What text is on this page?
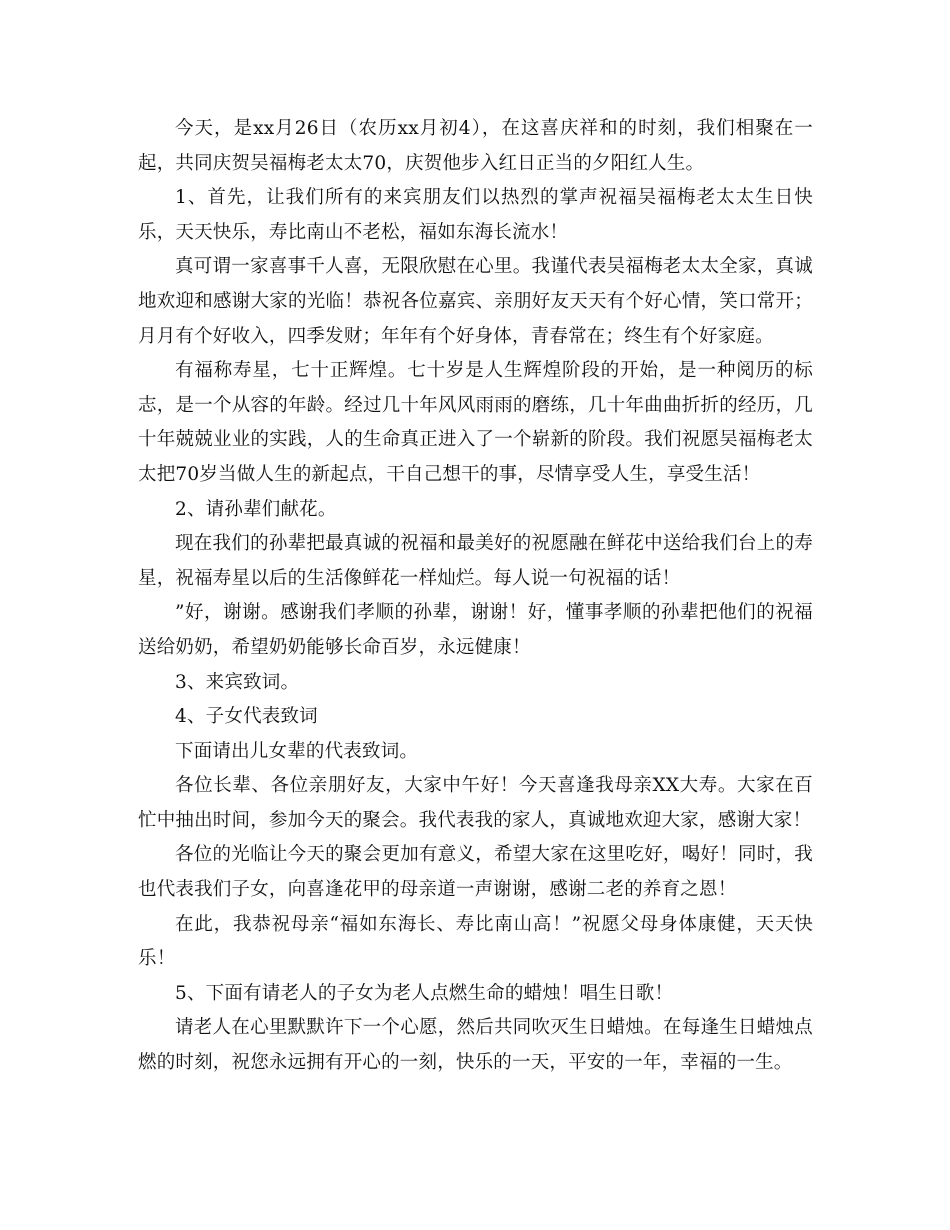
今天，是xx月26日（农历xx月初4），在这喜庆祥和的时刻，我们相聚在一起，共同庆贺吴福梅老太太70，庆贺他步入红日正当的夕阳红人生。

1、首先，让我们所有的来宾朋友们以热烈的掌声祝福吴福梅老太太生日快乐，天天快乐，寿比南山不老松，福如东海长流水！

真可谓一家喜事千人喜，无限欣慰在心里。我谨代表吴福梅老太太全家，真诚地欢迎和感谢大家的光临！恭祝各位嘉宾、亲朋好友天天有个好心情，笑口常开；月月有个好收入，四季发财；年年有个好身体，青春常在；终生有个好家庭。

有福称寿星，七十正辉煌。七十岁是人生辉煌阶段的开始，是一种阅历的标志，是一个从容的年龄。经过几十年风风雨雨的磨练，几十年曲曲折折的经历，几十年兢兢业业的实践，人的生命真正进入了一个崭新的阶段。我们祝愿吴福梅老太太把70岁当做人生的新起点，干自己想干的事，尽情享受人生，享受生活！

2、请孙辈们献花。

现在我们的孙辈把最真诚的祝福和最美好的祝愿融在鲜花中送给我们台上的寿星，祝福寿星以后的生活像鲜花一样灿烂。每人说一句祝福的话！

”好，谢谢。感谢我们孝顺的孙辈，谢谢！好，懂事孝顺的孙辈把他们的祝福送给奶奶，希望奶奶能够长命百岁，永远健康！

3、来宾致词。

4、子女代表致词

下面请出儿女辈的代表致词。

各位长辈、各位亲朋好友，大家中午好！今天喜逢我母亲XX大寿。大家在百忙中抽出时间，参加今天的聚会。我代表我的家人，真诚地欢迎大家，感谢大家！

各位的光临让今天的聚会更加有意义，希望大家在这里吃好，喝好！同时，我也代表我们子女，向喜逢花甲的母亲道一声谢谢，感谢二老的养育之恩！

在此，我恭祝母亲“福如东海长、寿比南山高！”祝愿父母身体康健，天天快乐！

5、下面有请老人的子女为老人点燃生命的蜡烛！唱生日歌！

请老人在心里默默许下一个心愿，然后共同吹灭生日蜡烛。在每逢生日蜡烛点燃的时刻，祝您永远拥有开心的一刻，快乐的一天，平安的一年，幸福的一生。
